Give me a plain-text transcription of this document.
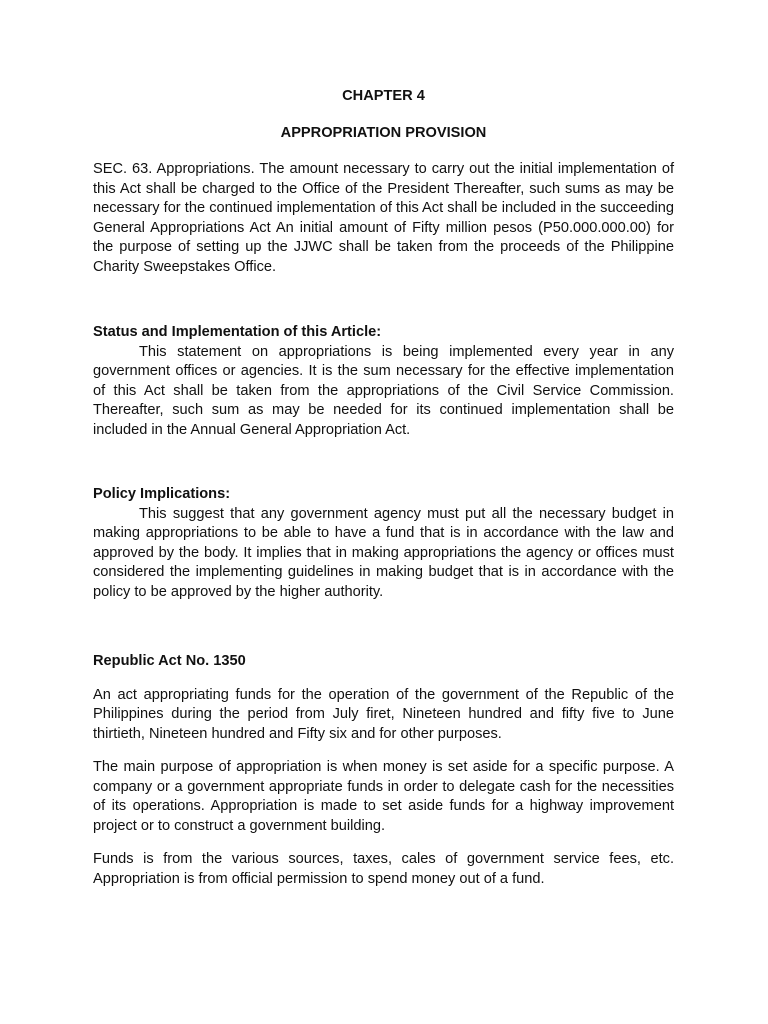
CHAPTER 4
APPROPRIATION PROVISION

SEC. 63. Appropriations. The amount necessary to carry out the initial implementation of this Act shall be charged to the Office of the President Thereafter, such sums as may be necessary for the continued implementation of this Act shall be included in the succeeding General Appropriations Act An initial amount of Fifty million pesos (P50.000.000.00) for the purpose of setting up the JJWC shall be taken from the proceeds of the Philippine Charity Sweepstakes Office.

Status and Implementation of this Article:

This statement on appropriations is being implemented every year in any government offices or agencies. It is the sum necessary for the effective implementation of this Act shall be taken from the appropriations of the Civil Service Commission. Thereafter, such sum as may be needed for its continued implementation shall be included in the Annual General Appropriation Act.

Policy Implications:

This suggest that any government agency must put all the necessary budget in making appropriations to be able to have a fund that is in accordance with the law and approved by the body. It implies that in making appropriations the agency or offices must considered the implementing guidelines in making budget that is in accordance with the policy to be approved by the higher authority.

Republic Act No. 1350

An act appropriating funds for the operation of the government of the Republic of the Philippines during the period from July firet, Nineteen hundred and fifty five to June thirtieth, Nineteen hundred and Fifty six and for other purposes.

The main purpose of appropriation is when money is set aside for a specific purpose. A company or a government appropriate funds in order to delegate cash for the necessities of its operations. Appropriation is made to set aside funds for a highway improvement project or to construct a government building.

Funds is from the various sources, taxes, cales of government service fees, etc. Appropriation is from official permission to spend money out of a fund.
